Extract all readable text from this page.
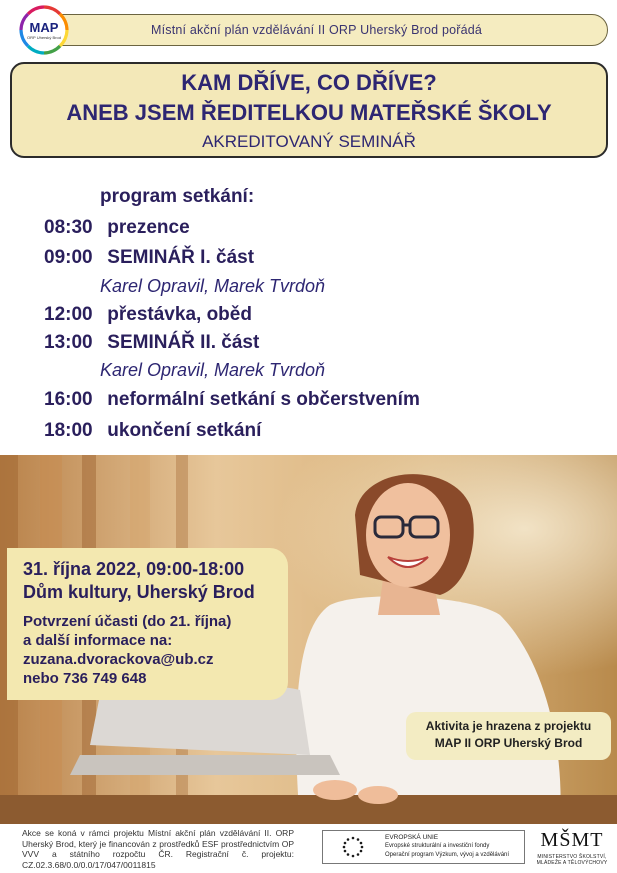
Místní akční plán vzdělávání II ORP Uherský Brod pořádá
MAP
ORP Uherský Brod
KAM DŘÍVE, CO DŘÍVE?
ANEB JSEM ŘEDITELKOU MATEŘSKÉ ŠKOLY
AKREDITOVANÝ SEMINÁŘ
program setkání:
08:30 prezence
09:00 SEMINÁŘ I. část
Karel Opravil, Marek Tvrdoň
12:00 přestávka, oběd
13:00 SEMINÁŘ II. část
Karel Opravil, Marek Tvrdoň
16:00 neformální setkání s občerstvením
18:00 ukončení setkání
31. října 2022, 09:00-18:00
Dům kultury, Uherský Brod
Potvrzení účasti (do 21. října)
a další informace na:
zuzana.dvorackova@ub.cz
nebo 736 749 648
Aktivita je hrazena z projektu
MAP II ORP Uherský Brod
Akce se koná v rámci projektu Místní akční plán vzdělávání II. ORP Uherský Brod, který je financován z prostředků ESF prostřednictvím OP VVV a státního rozpočtu ČR. Registrační č. projektu: CZ.02.3.68/0.0/0.0/17/047/0011815
EVROPSKÁ UNIE
Evropské strukturální a investiční fondy
Operační program Výzkum, vývoj a vzdělávání
MŠMT
MINISTERSTVO ŠKOLSTVÍ, MLÁDEŽE A TĚLOVÝCHOVY
